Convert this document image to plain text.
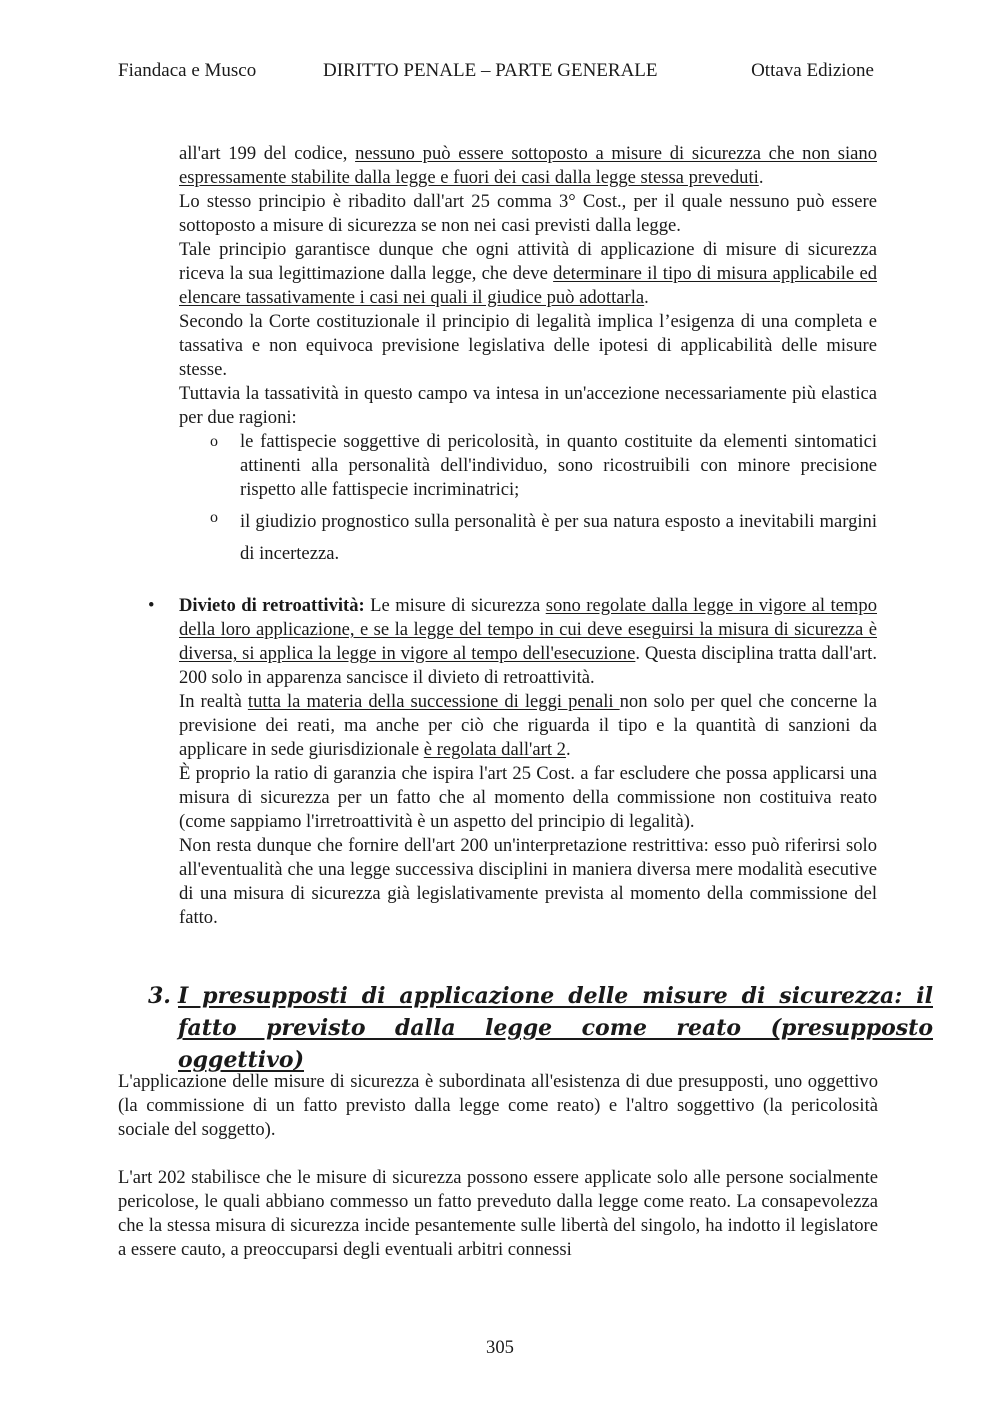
Fiandaca e Musco	DIRITTO PENALE – PARTE GENERALE	Ottava Edizione

all'art 199 del codice, nessuno può essere sottoposto a misure di sicurezza che non siano espressamente stabilite dalla legge e fuori dei casi dalla legge stessa preveduti.

Lo stesso principio è ribadito dall'art 25 comma 3° Cost., per il quale nessuno può essere sottoposto a misure di sicurezza se non nei casi previsti dalla legge.

Tale principio garantisce dunque che ogni attività di applicazione di misure di sicurezza riceva la sua legittimazione dalla legge, che deve determinare il tipo di misura applicabile ed elencare tassativamente i casi nei quali il giudice può adottarla.

Secondo la Corte costituzionale il principio di legalità implica l’esigenza di una completa e tassativa e non equivoca previsione legislativa delle ipotesi di applicabilità delle misure stesse.

Tuttavia la tassatività in questo campo va intesa in un'accezione necessariamente più elastica per due ragioni:

o le fattispecie soggettive di pericolosità, in quanto costituite da elementi sintomatici attinenti alla personalità dell'individuo, sono ricostruibili con minore precisione rispetto alle fattispecie incriminatrici;

o il giudizio prognostico sulla personalità è per sua natura esposto a inevitabili margini di incertezza.

• Divieto di retroattività: Le misure di sicurezza sono regolate dalla legge in vigore al tempo della loro applicazione, e se la legge del tempo in cui deve eseguirsi la misura di sicurezza è diversa, si applica la legge in vigore al tempo dell'esecuzione. Questa disciplina tratta dall'art. 200 solo in apparenza sancisce il divieto di retroattività.

In realtà tutta la materia della successione di leggi penali non solo per quel che concerne la previsione dei reati, ma anche per ciò che riguarda il tipo e la quantità di sanzioni da applicare in sede giurisdizionale è regolata dall'art 2.

È proprio la ratio di garanzia che ispira l'art 25 Cost. a far escludere che possa applicarsi una misura di sicurezza per un fatto che al momento della commissione non costituiva reato (come sappiamo l'irretroattività è un aspetto del principio di legalità).

Non resta dunque che fornire dell'art 200 un'interpretazione restrittiva: esso può riferirsi solo all'eventualità che una legge successiva disciplini in maniera diversa mere modalità esecutive di una misura di sicurezza già legislativamente prevista al momento della commissione del fatto.

3. I presupposti di applicazione delle misure di sicurezza: il fatto previsto dalla legge come reato (presupposto oggettivo)

L'applicazione delle misure di sicurezza è subordinata all'esistenza di due presupposti, uno oggettivo (la commissione di un fatto previsto dalla legge come reato) e l'altro soggettivo (la pericolosità sociale del soggetto).

L'art 202 stabilisce che le misure di sicurezza possono essere applicate solo alle persone socialmente pericolose, le quali abbiano commesso un fatto preveduto dalla legge come reato. La consapevolezza che la stessa misura di sicurezza incide pesantemente sulle libertà del singolo, ha indotto il legislatore a essere cauto, a preoccuparsi degli eventuali arbitri connessi

305
